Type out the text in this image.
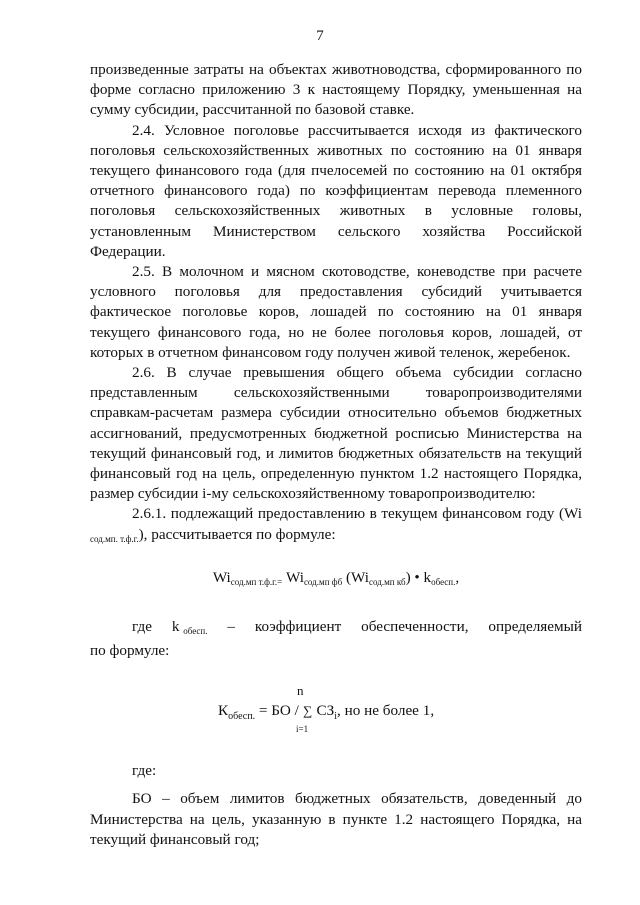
7

произведенные затраты на объектах животноводства, сформированного по форме согласно приложению 3 к настоящему Порядку, уменьшенная на сумму субсидии, рассчитанной по базовой ставке.

2.4. Условное поголовье рассчитывается исходя из фактического поголовья сельскохозяйственных животных по состоянию на 01 января текущего финансового года (для пчелосемей по состоянию на 01 октября отчетного финансового года) по коэффициентам перевода племенного поголовья сельскохозяйственных животных в условные головы, установленным Министерством сельского хозяйства Российской Федерации.

2.5. В молочном и мясном скотоводстве, коневодстве при расчете условного поголовья для предоставления субсидий учитывается фактическое поголовье коров, лошадей по состоянию на 01 января текущего финансового года, но не более поголовья коров, лошадей, от которых в отчетном финансовом году получен живой теленок, жеребенок.

2.6. В случае превышения общего объема субсидии согласно представленным сельскохозяйственными товаропроизводителями справкам-расчетам размера субсидии относительно объемов бюджетных ассигнований, предусмотренных бюджетной росписью Министерства на текущий финансовый год, и лимитов бюджетных обязательств на текущий финансовый год на цель, определенную пунктом 1.2 настоящего Порядка, размер субсидии i-му сельскохозяйственному товаропроизводителю:

2.6.1. подлежащий предоставлению в текущем финансовом году (Wi $_{сод.мп. т.ф.г.}$), рассчитывается по формуле:

$Wi_{сод.мп т.ф.г.=}$ $Wi_{сод.мп фб}$ $(Wi_{сод.мп кб})$ • $k_{обесп.}$,
где k обесп. – коэффициент обеспеченности, определяемый

по формуле:

n
$К_{обесп.}$ = БО / ∑ $СЗ_i$, но не более 1,
i=1

где:

БО – объем лимитов бюджетных обязательств, доведенный до Министерства на цель, указанную в пункте 1.2 настоящего Порядка, на текущий финансовый год;
